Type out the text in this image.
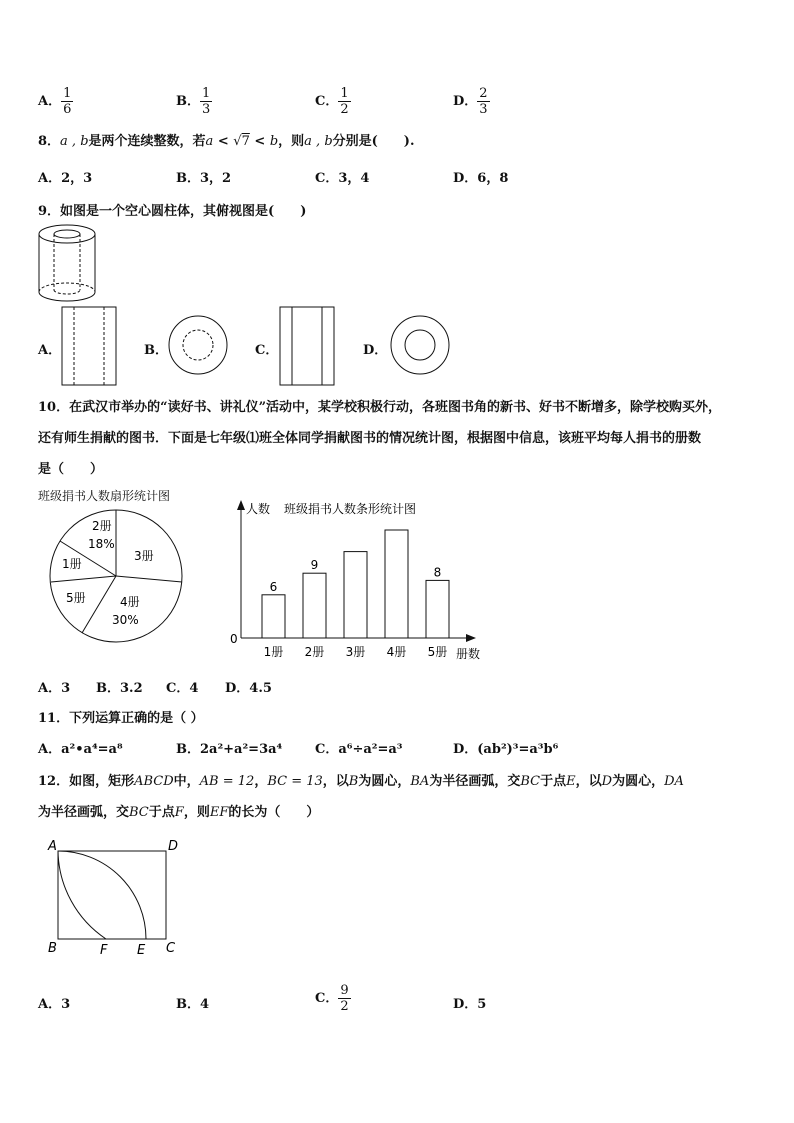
A． $\frac{1}{6}$	B． $\frac{1}{3}$	C． $\frac{1}{2}$	D． $\frac{2}{3}$
8．a , b是两个连续整数，若a < √7 < b，则a , b分别是(　　).
A．2，3	B．3，2	C．3，4	D．6，8
9．如图是一个空心圆柱体，其俯视图是(　　)
A．	B．	C．	D．
10．在武汉市举办的“读好书、讲礼仪”活动中，某学校积极行动，各班图书角的新书、好书不断增多，除学校购买外，
还有师生捐献的图书．下面是七年级⑴班全体同学捐献图书的情况统计图，根据图中信息，该班平均每人捐书的册数
是（　　）
班级捐书人数扇形统计图
2册
18%
3册
1册
5册	4册
30%
人数 班级捐书人数条形统计图
0
册数
6
1册
9
2册 3册 4册
8
5册
A．3 B．3.2 C．4 D．4.5
11．下列运算正确的是（ ）
A．a²•a⁴=a⁸	B．2a²+a²=3a⁴	C．a⁶÷a²=a³	D．(ab²)³=a³b⁶
12．如图，矩形ABCD中，AB = 12，BC = 13，以B为圆心，BA为半径画弧，交BC于点E，以D为圆心，DA
为半径画弧，交BC于点F，则EF的长为（　　）
A	D
B	F E C
A．3	B．4	C． $\frac{9}{2}$	D．5
